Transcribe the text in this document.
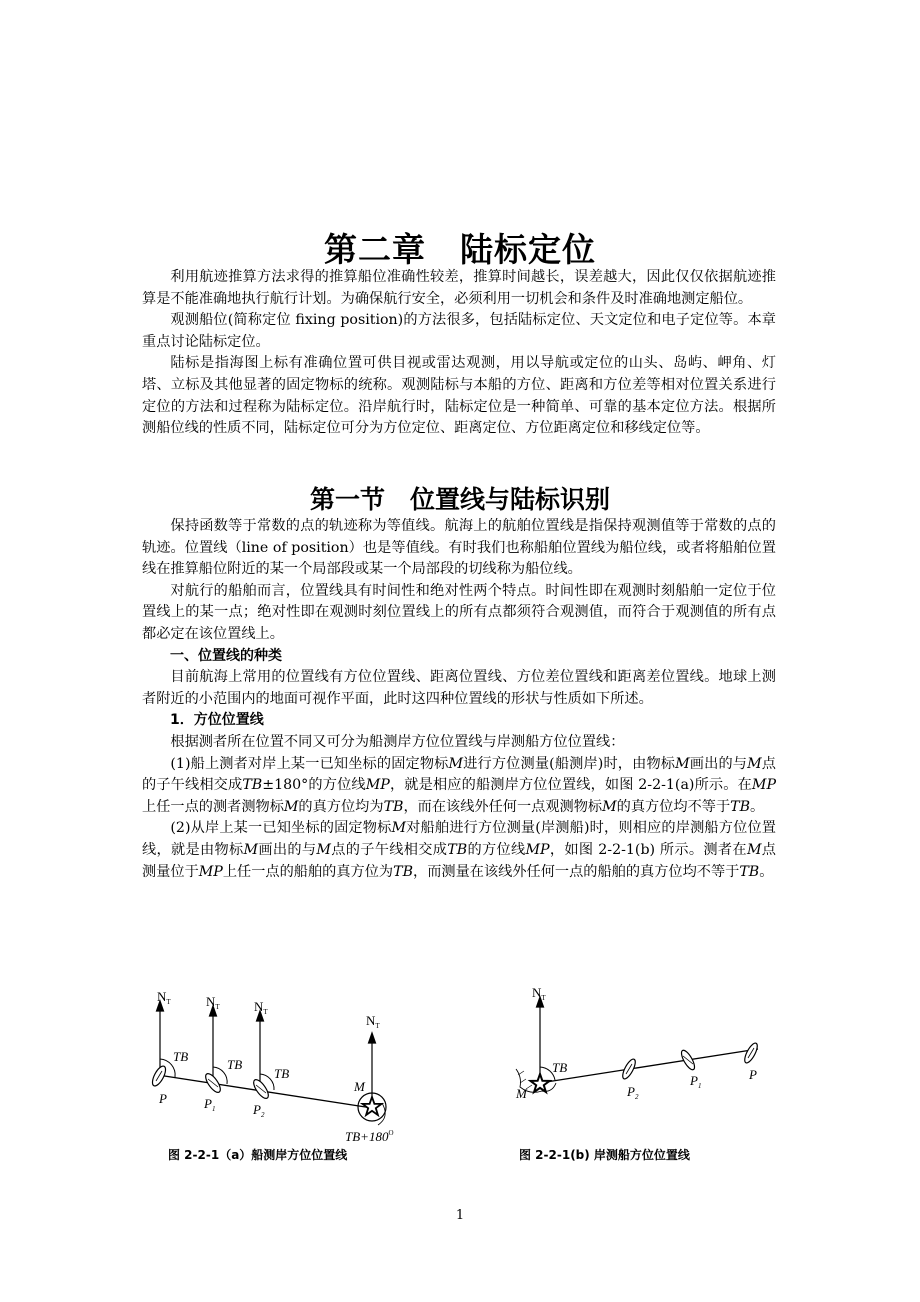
第二章　陆标定位

利用航迹推算方法求得的推算船位准确性较差，推算时间越长，误差越大，因此仅仅依据航迹推算是不能准确地执行航行计划。为确保航行安全，必须利用一切机会和条件及时准确地测定船位。

观测船位(简称定位 fixing position)的方法很多，包括陆标定位、天文定位和电子定位等。本章重点讨论陆标定位。

陆标是指海图上标有准确位置可供目视或雷达观测，用以导航或定位的山头、岛屿、岬角、灯塔、立标及其他显著的固定物标的统称。观测陆标与本船的方位、距离和方位差等相对位置关系进行定位的方法和过程称为陆标定位。沿岸航行时，陆标定位是一种简单、可靠的基本定位方法。根据所测船位线的性质不同，陆标定位可分为方位定位、距离定位、方位距离定位和移线定位等。

第一节　位置线与陆标识别

保持函数等于常数的点的轨迹称为等值线。航海上的航舶位置线是指保持观测值等于常数的点的轨迹。位置线（line of position）也是等值线。有时我们也称船舶位置线为船位线，或者将船舶位置线在推算船位附近的某一个局部段或某一个局部段的切线称为船位线。

对航行的船舶而言，位置线具有时间性和绝对性两个特点。时间性即在观测时刻船舶一定位于位置线上的某一点；绝对性即在观测时刻位置线上的所有点都须符合观测值，而符合于观测值的所有点都必定在该位置线上。

一、位置线的种类

目前航海上常用的位置线有方位位置线、距离位置线、方位差位置线和距离差位置线。地球上测者附近的小范围内的地面可视作平面，此时这四种位置线的形状与性质如下所述。

1．方位位置线

根据测者所在位置不同又可分为船测岸方位位置线与岸测船方位位置线：

(1)船上测者对岸上某一已知坐标的固定物标M进行方位测量(船测岸)时，由物标M画出的与M点的子午线相交成TB±180°的方位线MP，就是相应的船测岸方位位置线，如图 2-2-1(a)所示。在MP上任一点的测者测物标M的真方位均为TB，而在该线外任何一点观测物标M的真方位均不等于TB。

(2)从岸上某一已知坐标的固定物标M对船舶进行方位测量(岸测船)时，则相应的岸测船方位位置线，就是由物标M画出的与M点的子午线相交成TB的方位线MP，如图 2-2-1(b) 所示。测者在M点测量位于MP上任一点的船舶的真方位为TB，而测量在该线外任何一点的船舶的真方位均不等于TB。

$N_T$	$N_T$	$N_T$
$N_T$
TB
TB
TB
P	$P_1$	$P_2$
M
$TB+180^O$
$N_T$
TB
M	$P_2$
$P_1$
P
图 2-2-1（a）船测岸方位位置线	图 2-2-1(b) 岸测船方位位置线
1
